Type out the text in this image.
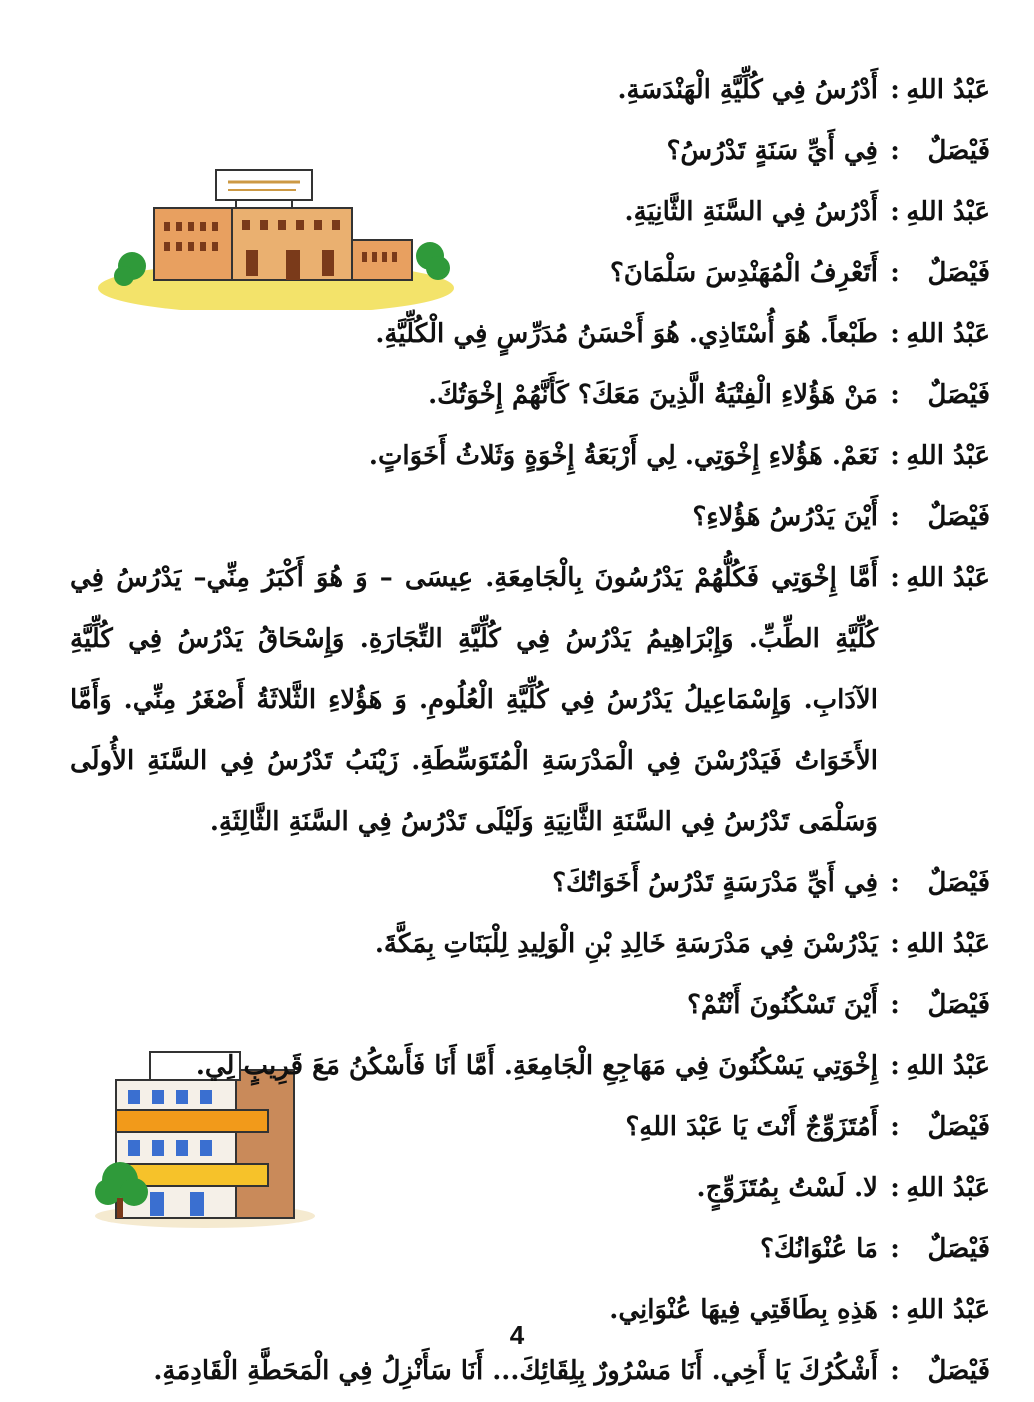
عَبْدُ اللهِ
:
أَدْرُسُ فِي كُلِّيَّةِ الْهَنْدَسَةِ.
فَيْصَلٌ
:
فِي أَيِّ سَنَةٍ تَدْرُسُ؟
عَبْدُ اللهِ
:
أَدْرُسُ فِي السَّنَةِ الثَّانِيَةِ.
فَيْصَلٌ
:
أَتَعْرِفُ الْمُهَنْدِسَ سَلْمَانَ؟
عَبْدُ اللهِ
:
طَبْعاً. هُوَ أُسْتَاذِي. هُوَ أَحْسَنُ مُدَرِّسٍ فِي الْكُلِّيَّةِ.
فَيْصَلٌ
:
مَنْ هَؤُلاءِ الْفِتْيَةُ الَّذِينَ مَعَكَ؟ كَأَنَّهُمْ إِخْوَتُكَ.
عَبْدُ اللهِ
:
نَعَمْ. هَؤُلاءِ إِخْوَتِي. لِي أَرْبَعَةُ إِخْوَةٍ وَثَلاثُ أَخَوَاتٍ.
فَيْصَلٌ
:
أَيْنَ يَدْرُسُ هَؤُلاءِ؟
عَبْدُ اللهِ
:
أَمَّا إِخْوَتِي فَكُلُّهُمْ يَدْرُسُونَ بِالْجَامِعَةِ. عِيسَى – وَ هُوَ أَكْبَرُ مِنِّي– يَدْرُسُ فِي كُلِّيَّةِ الطِّبِّ. وَإِبْرَاهِيمُ يَدْرُسُ فِي كُلِّيَّةِ التِّجَارَةِ. وَإِسْحَاقُ يَدْرُسُ فِي كُلِّيَّةِ الآدَابِ. وَإِسْمَاعِيلُ يَدْرُسُ فِي كُلِّيَّةِ الْعُلُومِ. وَ هَؤُلاءِ الثَّلاثَةُ أَصْغَرُ مِنِّي. وَأَمَّا الأَخَوَاتُ فَيَدْرُسْنَ فِي الْمَدْرَسَةِ الْمُتَوَسِّطَةِ. زَيْنَبُ تَدْرُسُ فِي السَّنَةِ الأُولَى وَسَلْمَى تَدْرُسُ فِي السَّنَةِ الثَّانِيَةِ وَلَيْلَى تَدْرُسُ فِي السَّنَةِ الثَّالِثَةِ.
فَيْصَلٌ
:
فِي أَيِّ مَدْرَسَةٍ تَدْرُسُ أَخَوَاتُكَ؟
عَبْدُ اللهِ
:
يَدْرُسْنَ فِي مَدْرَسَةِ خَالِدِ بْنِ الْوَلِيدِ لِلْبَنَاتِ بِمَكَّةَ.
فَيْصَلٌ
:
أَيْنَ تَسْكُنُونَ أَنْتُمْ؟
عَبْدُ اللهِ
:
إِخْوَتِي يَسْكُنُونَ فِي مَهَاجِعِ الْجَامِعَةِ. أَمَّا أَنَا فَأَسْكُنُ مَعَ قَرِيبٍ لِي.
فَيْصَلٌ
:
أَمُتَزَوِّجٌ أَنْتَ يَا عَبْدَ اللهِ؟
عَبْدُ اللهِ
:
لا. لَسْتُ بِمُتَزَوِّجٍ.
فَيْصَلٌ
:
مَا عُنْوَانُكَ؟
عَبْدُ اللهِ
:
هَذِهِ بِطَاقَتِي فِيهَا عُنْوَانِي.
فَيْصَلٌ
:
أَشْكُرُكَ يَا أَخِي. أَنَا مَسْرُورٌ بِلِقَائِكَ... أَنَا سَأَنْزِلُ فِي الْمَحَطَّةِ الْقَادِمَةِ.
4
